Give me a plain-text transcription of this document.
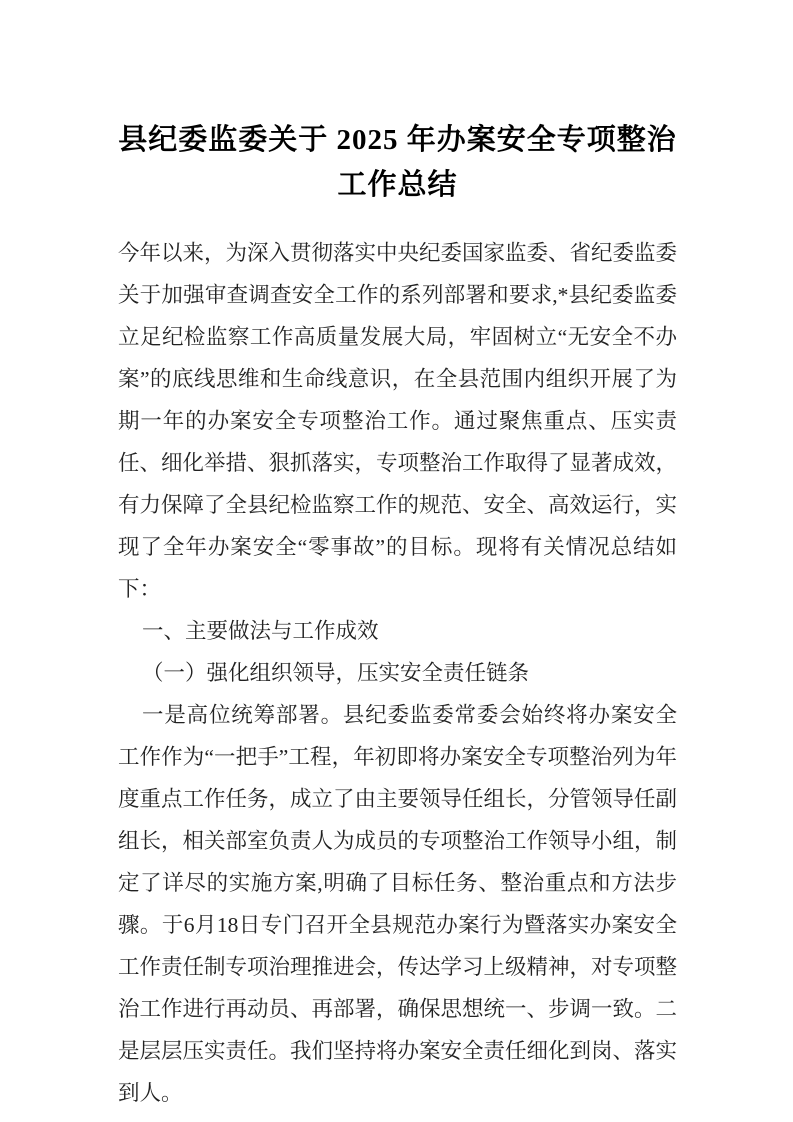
县纪委监委关于 2025 年办案安全专项整治
工作总结

今年以来，为深入贯彻落实中央纪委国家监委、省纪委监委关于加强审查调查安全工作的系列部署和要求,*县纪委监委立足纪检监察工作高质量发展大局，牢固树立“无安全不办案”的底线思维和生命线意识，在全县范围内组织开展了为期一年的办案安全专项整治工作。通过聚焦重点、压实责任、细化举措、狠抓落实，专项整治工作取得了显著成效，有力保障了全县纪检监察工作的规范、安全、高效运行，实现了全年办案安全“零事故”的目标。现将有关情况总结如下：

一、主要做法与工作成效

（一）强化组织领导，压实安全责任链条

一是高位统筹部署。县纪委监委常委会始终将办案安全工作作为“一把手”工程，年初即将办案安全专项整治列为年度重点工作任务，成立了由主要领导任组长，分管领导任副组长，相关部室负责人为成员的专项整治工作领导小组，制定了详尽的实施方案,明确了目标任务、整治重点和方法步骤。于6月18日专门召开全县规范办案行为暨落实办案安全工作责任制专项治理推进会，传达学习上级精神，对专项整治工作进行再动员、再部署，确保思想统一、步调一致。二是层层压实责任。我们坚持将办案安全责任细化到岗、落实到人。
